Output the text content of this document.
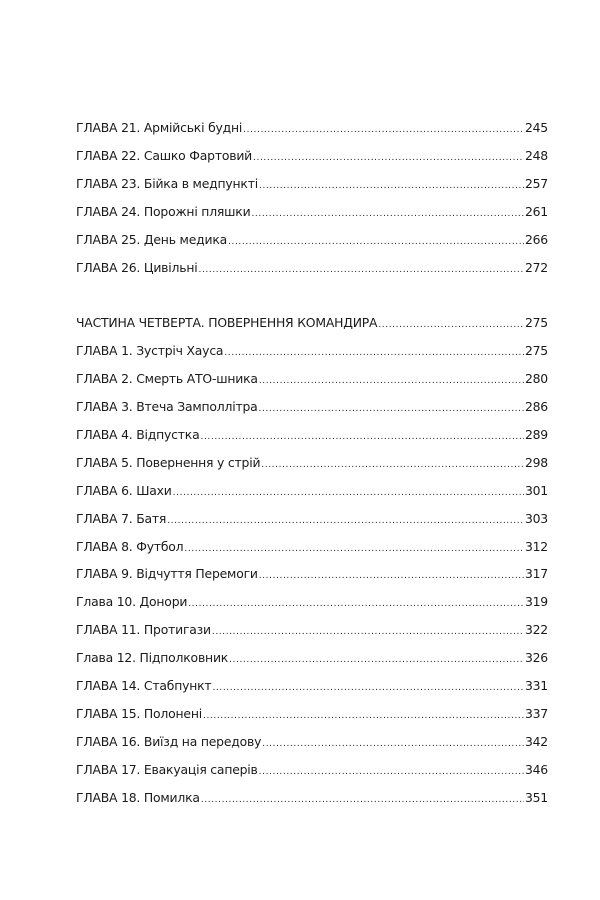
ГЛАВА 21. Армійські будні .....	245
ГЛАВА 22. Сашко Фартовий .....	248
ГЛАВА 23. Бійка в медпункті .....	257
ГЛАВА 24. Порожні пляшки .....	261
ГЛАВА 25. День медика .....	266
ГЛАВА 26. Цивільні .....	272
ЧАСТИНА ЧЕТВЕРТА. ПОВЕРНЕННЯ КОМАНДИРА .....	275
ГЛАВА 1. Зустріч Хауса .....	275
ГЛАВА 2. Смерть АТО-шника .....	280
ГЛАВА 3. Втеча Замполлітра .....	286
ГЛАВА 4. Відпустка .....	289
ГЛАВА 5. Повернення у стрій .....	298
ГЛАВА 6. Шахи .....	301
ГЛАВА 7. Батя .....	303
ГЛАВА 8. Футбол .....	312
ГЛАВА 9. Відчуття Перемоги .....	317
Глава 10. Донори .....	319
ГЛАВА 11. Протигази .....	322
Глава 12. Підполковник .....	326
ГЛАВА 14. Стабпункт .....	331
ГЛАВА 15. Полонені .....	337
ГЛАВА 16. Виїзд на передову .....	342
ГЛАВА 17. Евакуація саперів .....	346
ГЛАВА 18. Помилка .....	351
